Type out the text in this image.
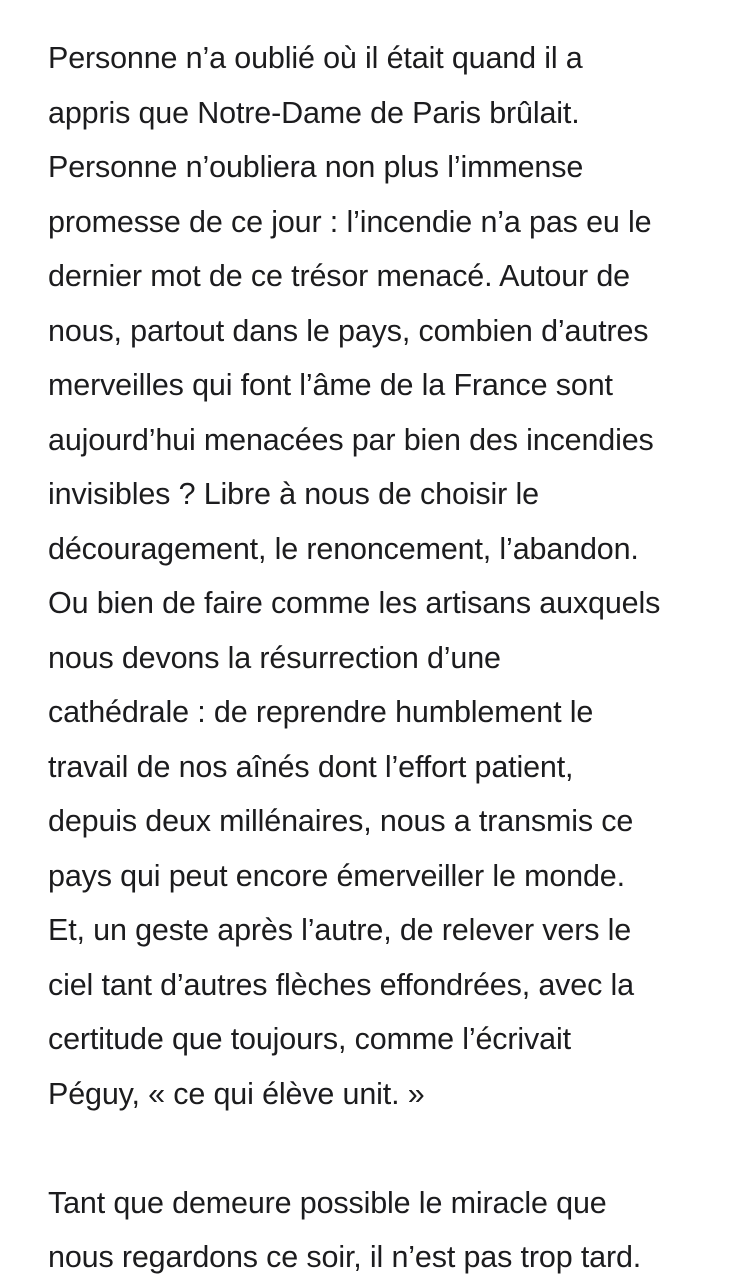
Personne n’a oublié où il était quand il a
appris que Notre-Dame de Paris brûlait.
Personne n’oubliera non plus l’immense
promesse de ce jour : l’incendie n’a pas eu le
dernier mot de ce trésor menacé. Autour de
nous, partout dans le pays, combien d’autres
merveilles qui font l’âme de la France sont
aujourd’hui menacées par bien des incendies
invisibles ? Libre à nous de choisir le
découragement, le renoncement, l’abandon.
Ou bien de faire comme les artisans auxquels
nous devons la résurrection d’une
cathédrale : de reprendre humblement le
travail de nos aînés dont l’effort patient,
depuis deux millénaires, nous a transmis ce
pays qui peut encore émerveiller le monde.
Et, un geste après l’autre, de relever vers le
ciel tant d’autres flèches effondrées, avec la
certitude que toujours, comme l’écrivait
Péguy, « ce qui élève unit. »
Tant que demeure possible le miracle que
nous regardons ce soir, il n’est pas trop tard.
